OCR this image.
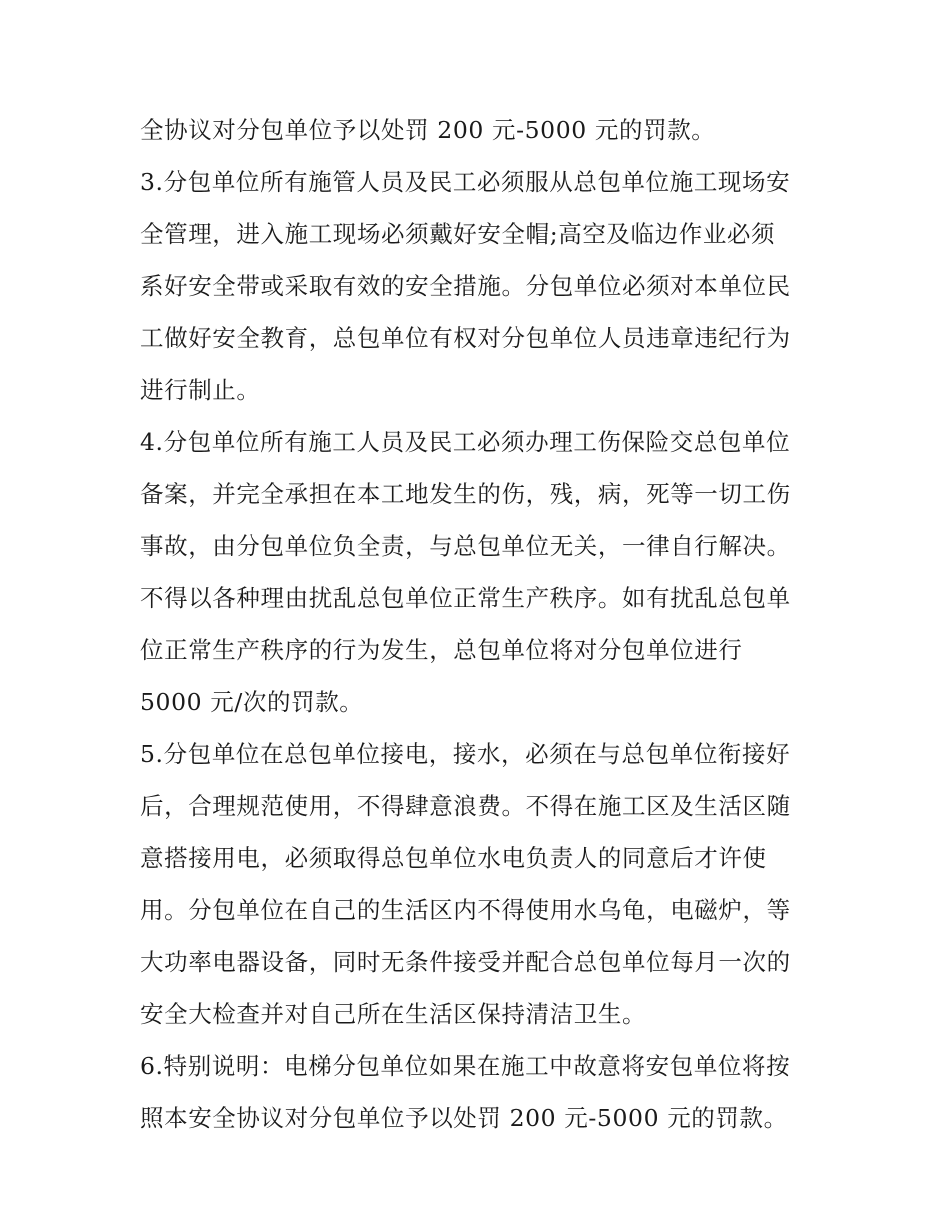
全协议对分包单位予以处罚 200 元-5000 元的罚款。
3.分包单位所有施管人员及民工必须服从总包单位施工现场安
全管理，进入施工现场必须戴好安全帽;高空及临边作业必须
系好安全带或采取有效的安全措施。分包单位必须对本单位民
工做好安全教育，总包单位有权对分包单位人员违章违纪行为
进行制止。
4.分包单位所有施工人员及民工必须办理工伤保险交总包单位
备案，并完全承担在本工地发生的伤，残，病，死等一切工伤
事故，由分包单位负全责，与总包单位无关，一律自行解决。
不得以各种理由扰乱总包单位正常生产秩序。如有扰乱总包单
位正常生产秩序的行为发生，总包单位将对分包单位进行
5000 元/次的罚款。
5.分包单位在总包单位接电，接水，必须在与总包单位衔接好
后，合理规范使用，不得肆意浪费。不得在施工区及生活区随
意搭接用电，必须取得总包单位水电负责人的同意后才许使
用。分包单位在自己的生活区内不得使用水乌龟，电磁炉，等
大功率电器设备，同时无条件接受并配合总包单位每月一次的
安全大检查并对自己所在生活区保持清洁卫生。
6.特别说明：电梯分包单位如果在施工中故意将安包单位将按
照本安全协议对分包单位予以处罚 200 元-5000 元的罚款。
